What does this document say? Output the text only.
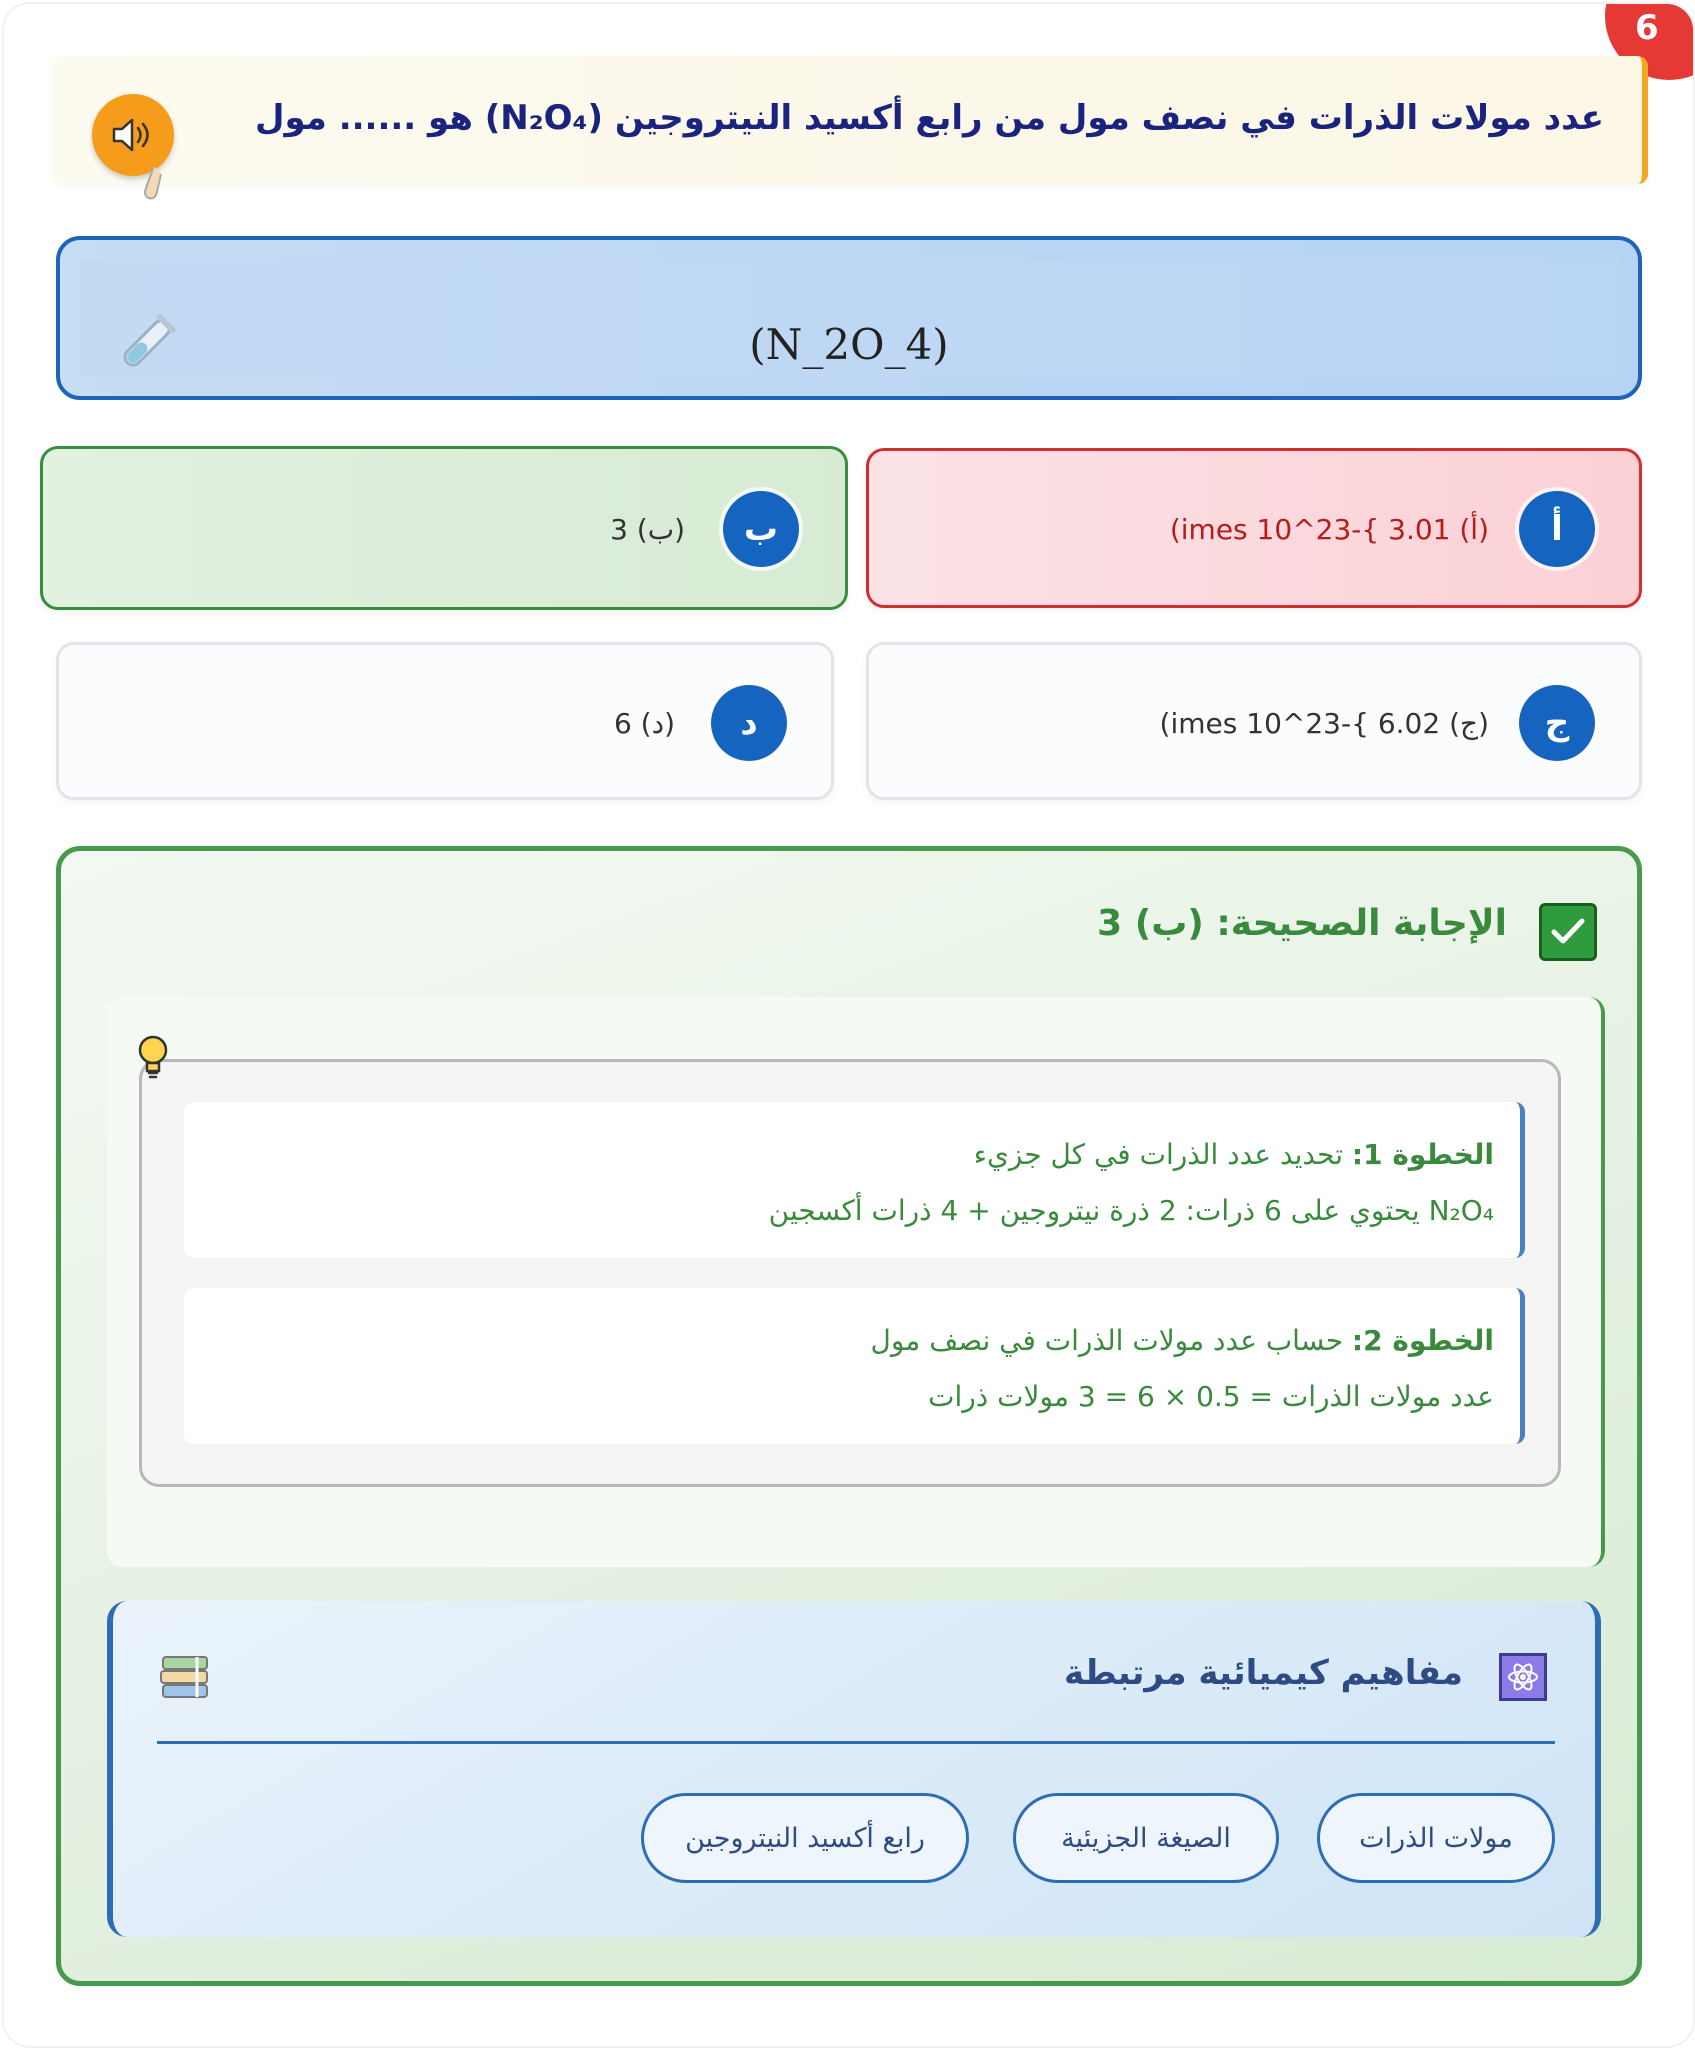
6
عدد مولات الذرات في نصف مول من رابع أكسيد النيتروجين (N₂O₄) هو ...... مول
(N_2O_4)
أ
(أ) 3.01 }-23^10 imes)
ب
(ب) 3
ج
(ج) 6.02 }-23^10 imes)
د
(د) 6
الإجابة الصحيحة: (ب) 3
الخطوة 1: تحديد عدد الذرات في كل جزيء
N₂O₄ يحتوي على 6 ذرات: 2 ذرة نيتروجين + 4 ذرات أكسجين
الخطوة 2: حساب عدد مولات الذرات في نصف مول
عدد مولات الذرات = 0.5 × 6 = 3 مولات ذرات
مفاهيم كيميائية مرتبطة
مولات الذرات
الصيغة الجزيئية
رابع أكسيد النيتروجين
